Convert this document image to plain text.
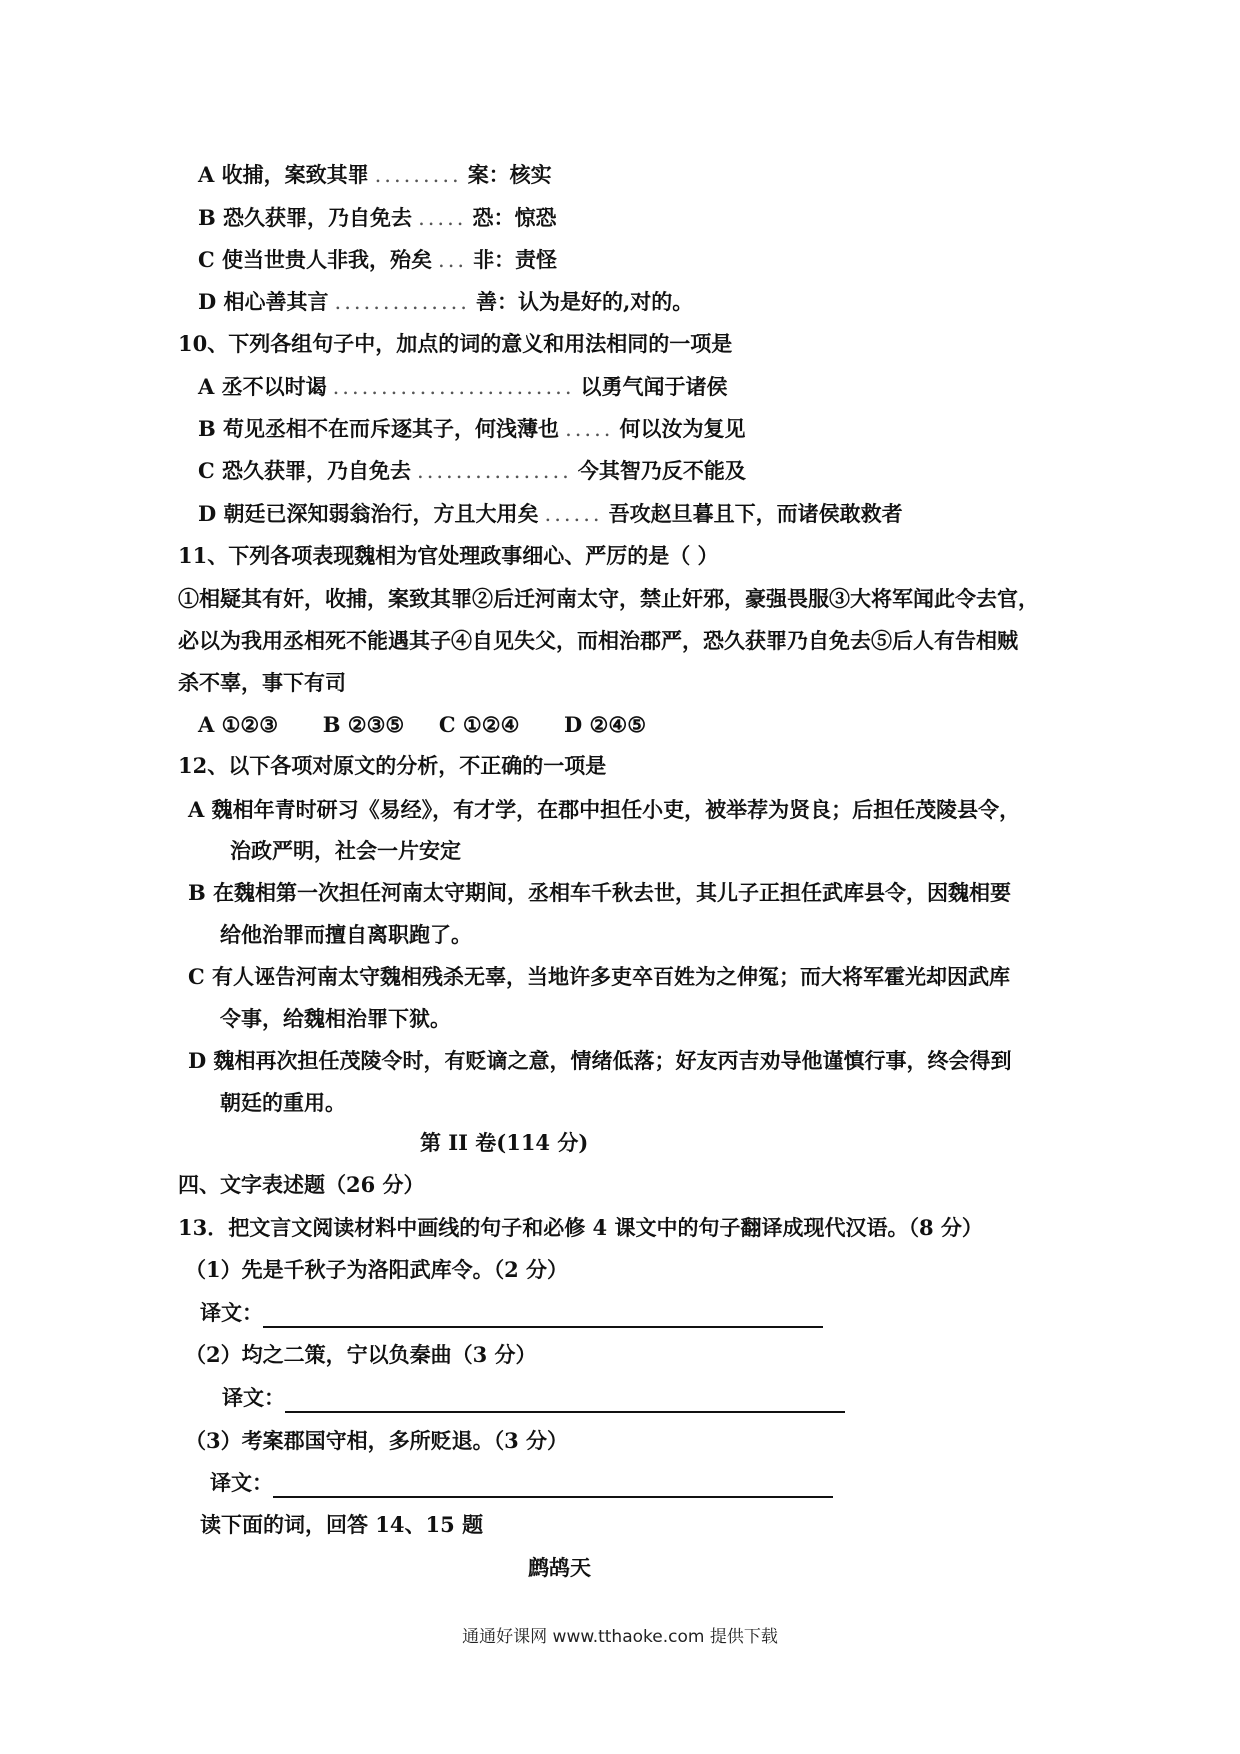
A 收捕，案致其罪 ......... 案：核实
B 恐久获罪，乃自免去 ..... 恐：惊恐
C 使当世贵人非我，殆矣 ... 非：责怪
D 相心善其言 .............. 善：认为是好的,对的。
10、下列各组句子中，加点的词的意义和用法相同的一项是
A 丞不以时谒 ......................... 以勇气闻于诸侯
B 苟见丞相不在而斥逐其子，何浅薄也 ..... 何以汝为复见
C 恐久获罪，乃自免去 ................ 今其智乃反不能及
D 朝廷已深知弱翁治行，方且大用矣 ...... 吾攻赵旦暮且下，而诸侯敢救者
11、下列各项表现魏相为官处理政事细心、严厉的是（ ）
①相疑其有奸，收捕，案致其罪②后迁河南太守，禁止奸邪，豪强畏服③大将军闻此令去官，
必以为我用丞相死不能遇其子④自见失父，而相治郡严，恐久获罪乃自免去⑤后人有告相贼
杀不辜，事下有司
A ①②③ B ②③⑤ C ①②④ D ②④⑤
12、以下各项对原文的分析，不正确的一项是
A 魏相年青时研习《易经》，有才学，在郡中担任小吏，被举荐为贤良；后担任茂陵县令，
治政严明，社会一片安定
B 在魏相第一次担任河南太守期间，丞相车千秋去世，其儿子正担任武库县令，因魏相要
给他治罪而擅自离职跑了。
C 有人诬告河南太守魏相残杀无辜，当地许多吏卒百姓为之伸冤；而大将军霍光却因武库
令事，给魏相治罪下狱。
D 魏相再次担任茂陵令时，有贬谪之意，情绪低落；好友丙吉劝导他谨慎行事，终会得到
朝廷的重用。
第 II 卷(114 分)
四、文字表述题（26 分）
13．把文言文阅读材料中画线的句子和必修 4 课文中的句子翻译成现代汉语。（8 分）
（1）先是千秋子为洛阳武库令。（2 分）
译文：
（2）均之二策，宁以负秦曲（3 分）
译文：
（3）考案郡国守相，多所贬退。（3 分）
译文：
读下面的词，回答 14、15 题
鹧鸪天
通通好课网 www.tthaoke.com 提供下载
